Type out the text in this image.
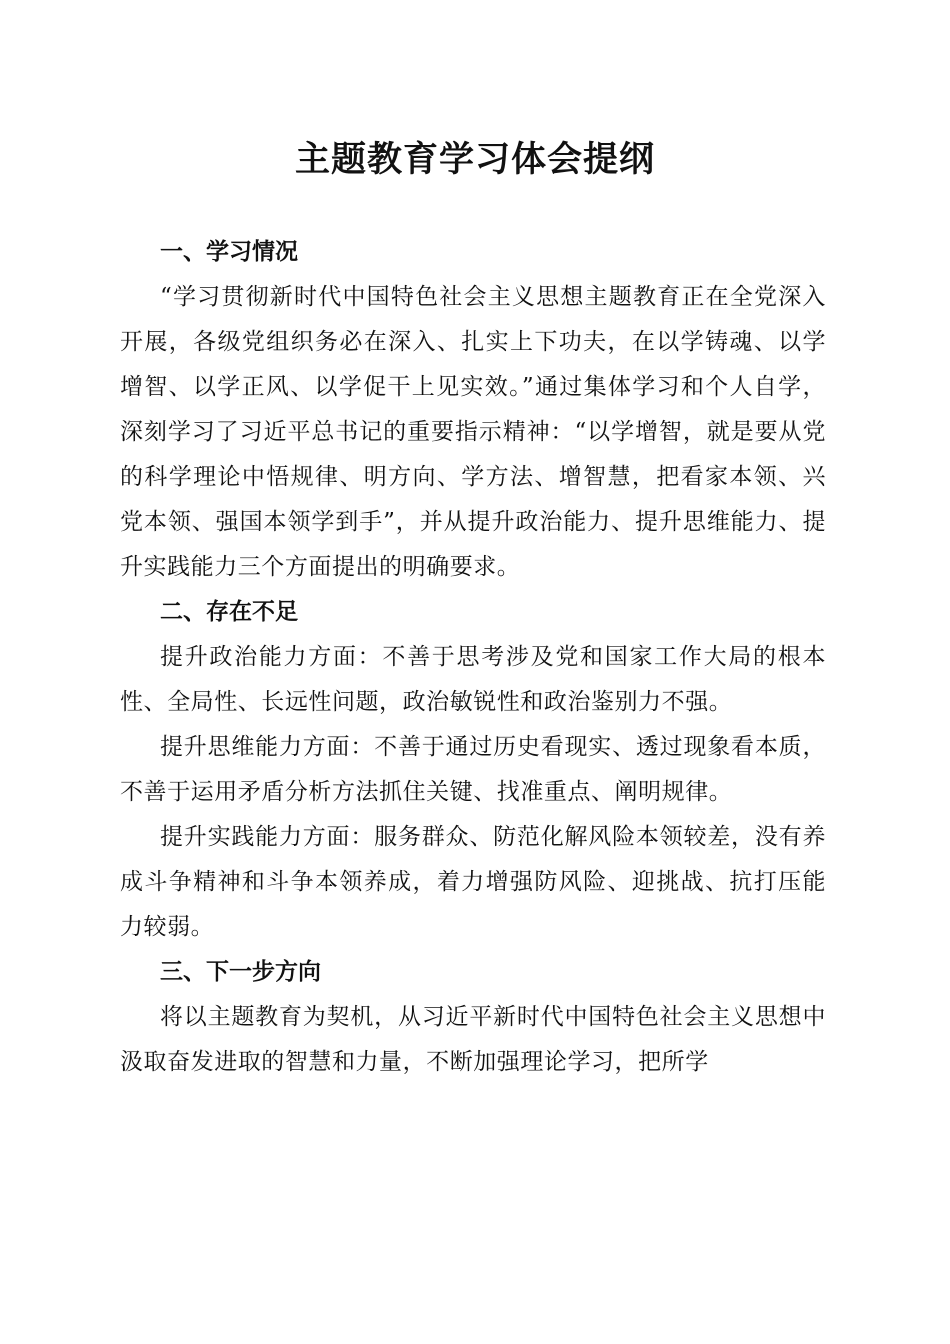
主题教育学习体会提纲
一、学习情况

“学习贯彻新时代中国特色社会主义思想主题教育正在全党深入开展，各级党组织务必在深入、扎实上下功夫，在以学铸魂、以学增智、以学正风、以学促干上见实效。”通过集体学习和个人自学，深刻学习了习近平总书记的重要指示精神：“以学增智，就是要从党的科学理论中悟规律、明方向、学方法、增智慧，把看家本领、兴党本领、强国本领学到手”，并从提升政治能力、提升思维能力、提升实践能力三个方面提出的明确要求。

二、存在不足

提升政治能力方面：不善于思考涉及党和国家工作大局的根本性、全局性、长远性问题，政治敏锐性和政治鉴别力不强。

提升思维能力方面：不善于通过历史看现实、透过现象看本质，不善于运用矛盾分析方法抓住关键、找准重点、阐明规律。

提升实践能力方面：服务群众、防范化解风险本领较差，没有养成斗争精神和斗争本领养成，着力增强防风险、迎挑战、抗打压能力较弱。

三、下一步方向

将以主题教育为契机，从习近平新时代中国特色社会主义思想中汲取奋发进取的智慧和力量，不断加强理论学习，把所学
